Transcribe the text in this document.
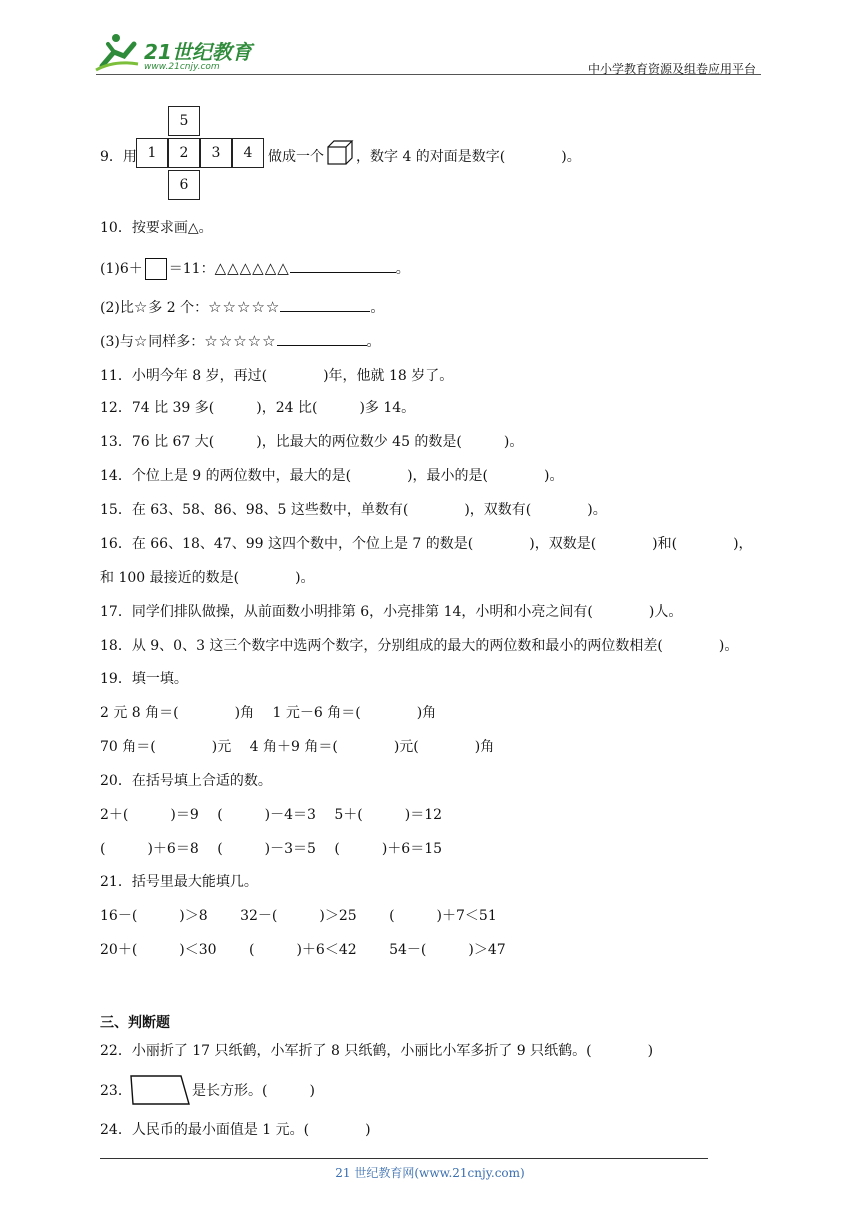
21世纪教育
www.21cnjy.com	中小学教育资源及组卷应用平台
9．用
5
1	2	3	4
6
做成一个 ，数字 4 的对面是数字(　　　　)。
10．按要求画△。
(1)6＋ ＝11：△△△△△△	。
(2)比☆多 2 个：☆☆☆☆☆	。
(3)与☆同样多：☆☆☆☆☆	。
11．小明今年 8 岁，再过(　　　　)年，他就 18 岁了。
12．74 比 39 多(　　　)，24 比(　　　)多 14。
13．76 比 67 大(　　　)，比最大的两位数少 45 的数是(　　　)。
14．个位上是 9 的两位数中，最大的是(　　　　)，最小的是(　　　　)。
15．在 63、58、86、98、5 这些数中，单数有(　　　　)，双数有(　　　　)。
16．在 66、18、47、99 这四个数中，个位上是 7 的数是(　　　　)，双数是(　　　　)和(　　　　)，
和 100 最接近的数是(　　　　)。
17．同学们排队做操，从前面数小明排第 6，小亮排第 14，小明和小亮之间有(　　　　)人。
18．从 9、0、3 这三个数字中选两个数字，分别组成的最大的两位数和最小的两位数相差(　　　　)。
19．填一填。
2 元 8 角＝(　　　　)角　 1 元－6 角＝(　　　　)角
70 角＝(　　　　)元　 4 角＋9 角＝(　　　　)元(　　　　)角
20．在括号填上合适的数。
2＋(　　　)＝9　 (　　　)－4＝3　 5＋(　　　)＝12
(　　　)＋6＝8　 (　　　)－3＝5　 (　　　)＋6＝15
21．括号里最大能填几。
16－(　　　)＞8　　 32－(　　　)＞25　　 (　　　)＋7＜51
20＋(　　　)＜30　　 (　　　)＋6＜42　　 54－(　　　)＞47
三、判断题
22．小丽折了 17 只纸鹤，小军折了 8 只纸鹤，小丽比小军多折了 9 只纸鹤。(　　　　)
23．	是长方形。(　　　)
24．人民币的最小面值是 1 元。(　　　　)
21 世纪教育网(www.21cnjy.com)
